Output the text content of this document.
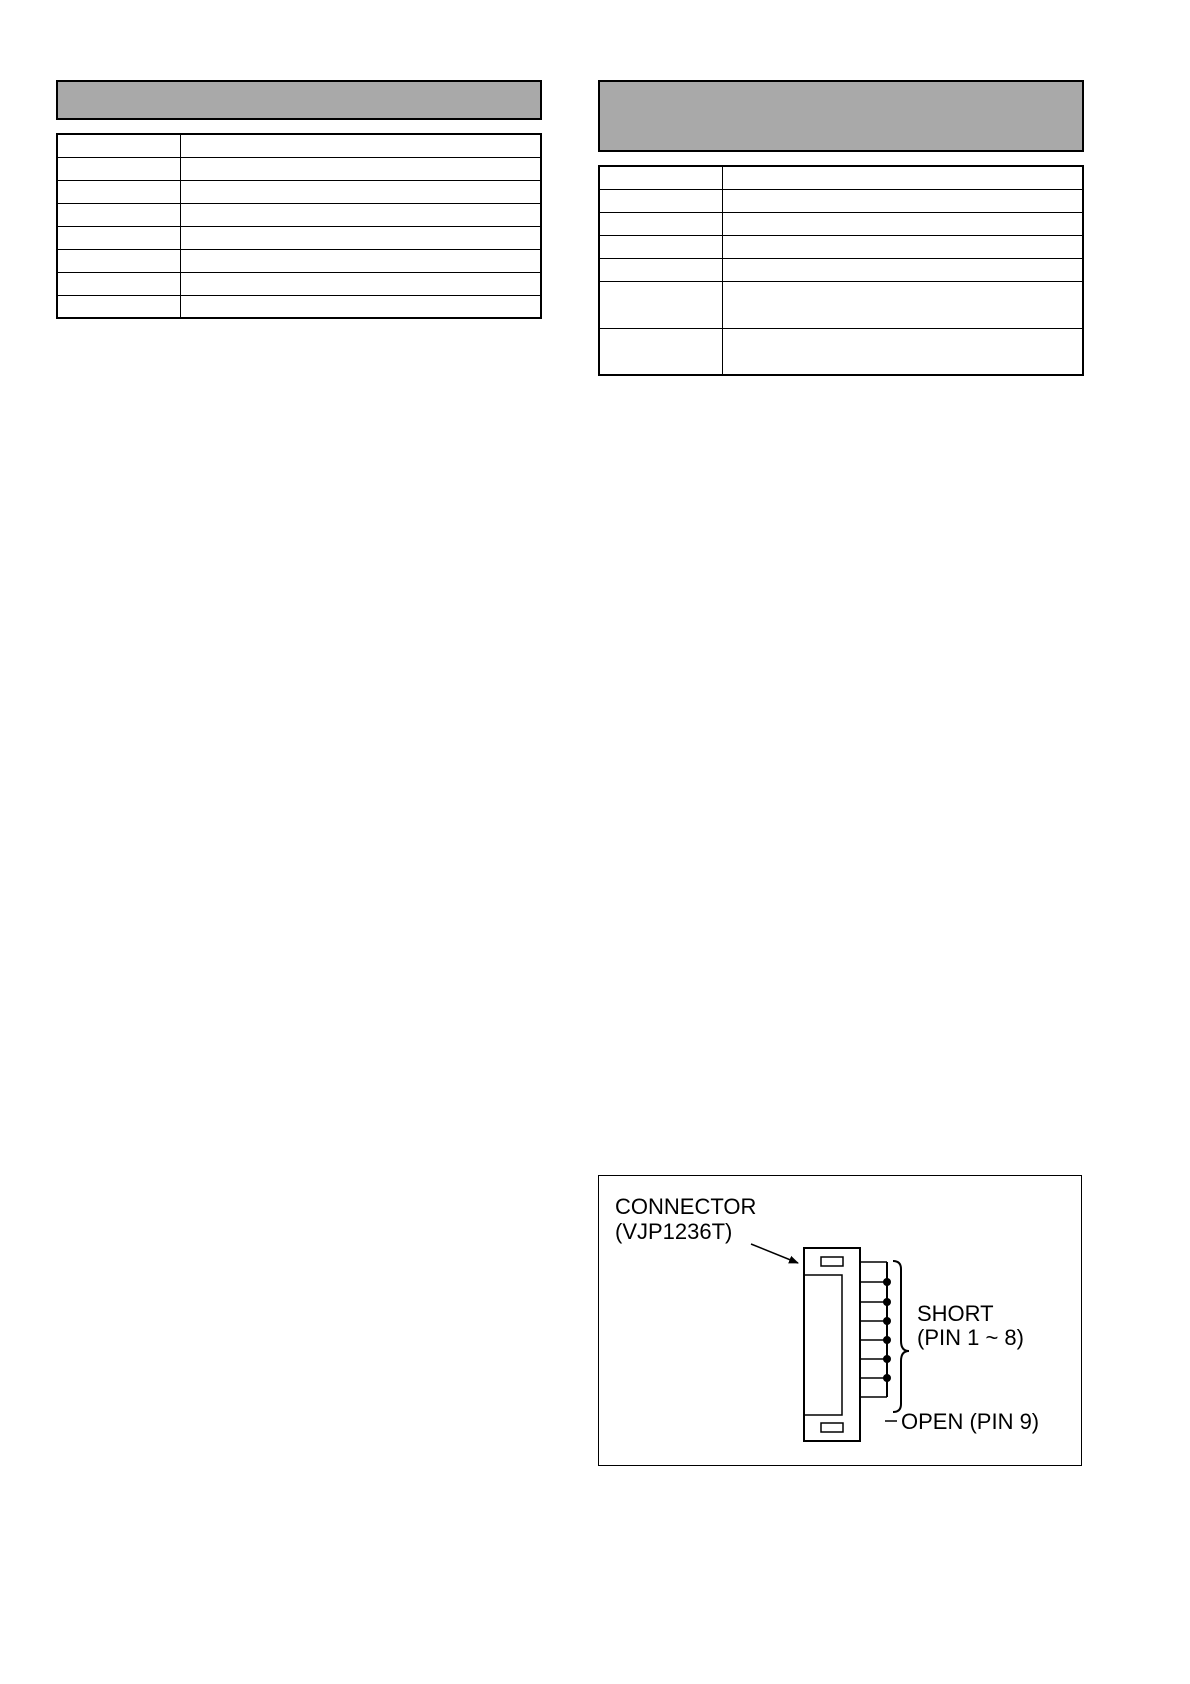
CONNECTOR
(VJP1236T)
SHORT
(PIN 1 ~ 8)
OPEN (PIN 9)
